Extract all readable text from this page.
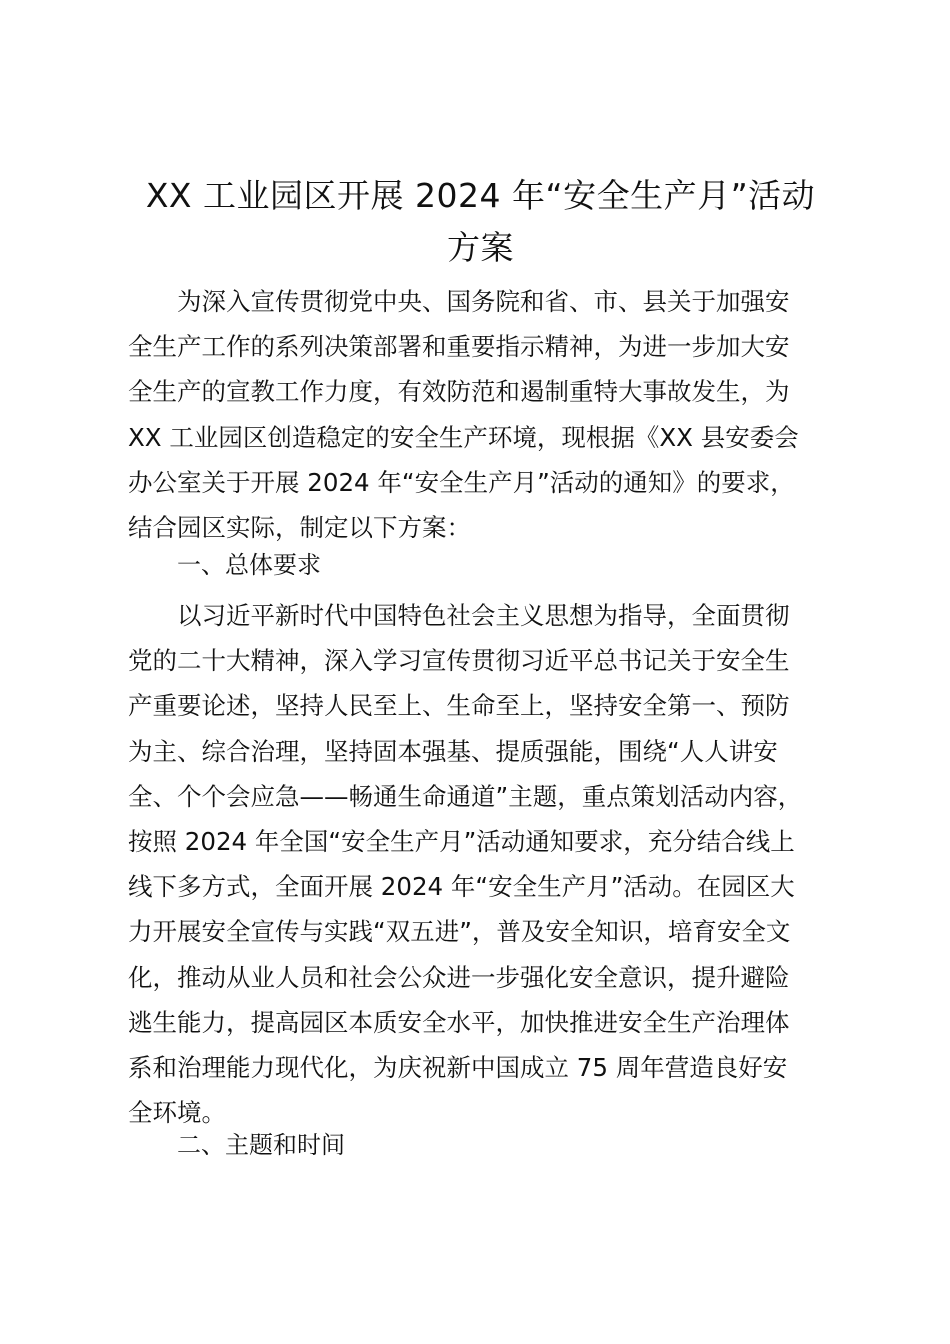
XX 工业园区开展 2024 年“安全生产月”活动
方案
为深入宣传贯彻党中央、国务院和省、市、县关于加强安
全生产工作的系列决策部署和重要指示精神，为进一步加大安
全生产的宣教工作力度，有效防范和遏制重特大事故发生，为
XX 工业园区创造稳定的安全生产环境，现根据《XX 县安委会
办公室关于开展 2024 年“安全生产月”活动的通知》的要求，
结合园区实际，制定以下方案：
一、总体要求
以习近平新时代中国特色社会主义思想为指导，全面贯彻
党的二十大精神，深入学习宣传贯彻习近平总书记关于安全生
产重要论述，坚持人民至上、生命至上，坚持安全第一、预防
为主、综合治理，坚持固本强基、提质强能，围绕“人人讲安
全、个个会应急——畅通生命通道”主题，重点策划活动内容，
按照 2024 年全国“安全生产月”活动通知要求，充分结合线上
线下多方式，全面开展 2024 年“安全生产月”活动。在园区大
力开展安全宣传与实践“双五进”，普及安全知识，培育安全文
化，推动从业人员和社会公众进一步强化安全意识，提升避险
逃生能力，提高园区本质安全水平，加快推进安全生产治理体
系和治理能力现代化，为庆祝新中国成立 75 周年营造良好安
全环境。
二、主题和时间
